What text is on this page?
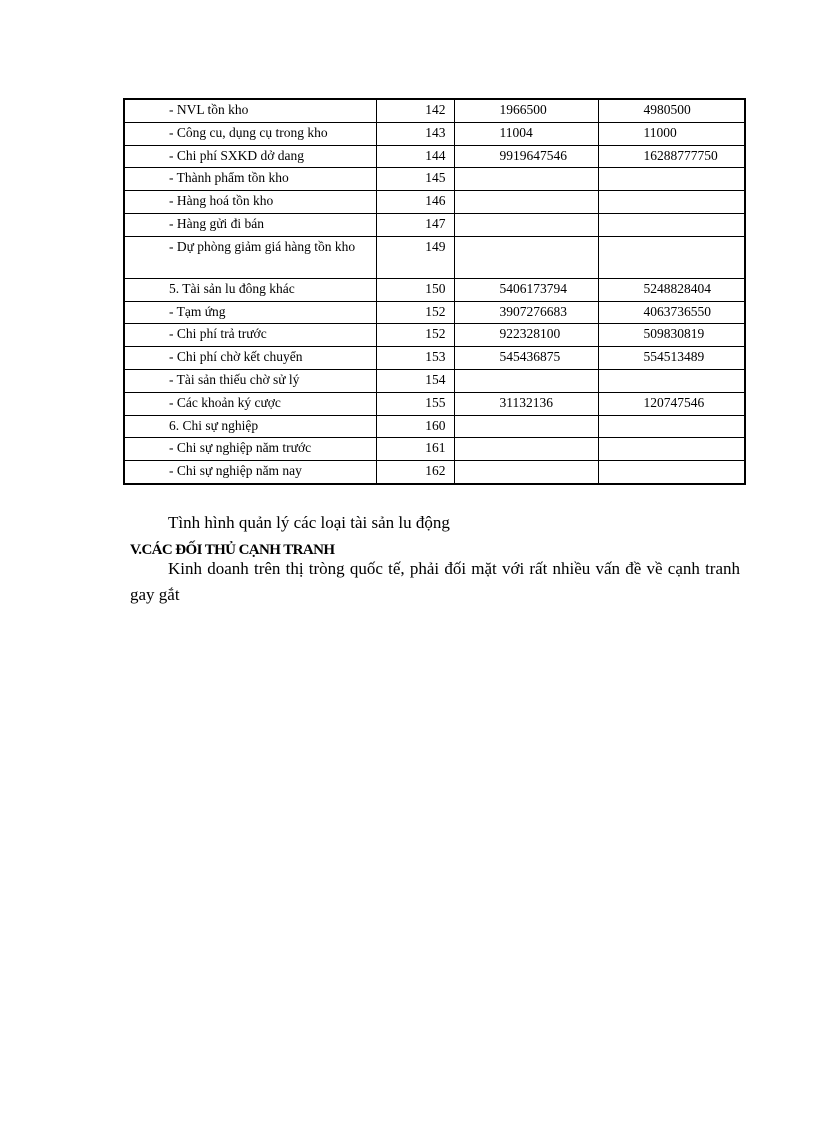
- NVL tồn kho	142	1966500	4980500
- Công cu, dụng cụ trong kho	143	11004	11000
- Chi phí SXKD dở dang	144	9919647546	16288777750
- Thành phẩm tồn kho	145		
- Hàng hoá tồn kho	146		
- Hàng gửi đi bán	147		
- Dự phòng giảm giá hàng tồn kho	149		
5. Tài sản lu đông khác	150	5406173794	5248828404
- Tạm ứng	152	3907276683	4063736550
- Chi phí trả trước	152	922328100	509830819
- Chi phí chờ kết chuyển	153	545436875	554513489
- Tài sản thiếu chờ sử lý	154		
- Các khoản ký cược	155	31132136	120747546
6. Chi sự nghiệp	160		
- Chi sự nghiệp năm trước	161		
- Chi sự nghiệp năm nay	162		
Tình hình quản lý các loại tài sản lu động
V.CÁC ĐỐI THỦ CẠNH TRANH
Kinh doanh trên thị tròng quốc tế, phải đối mặt với rất nhiều vấn đề về cạnh tranh gay gắt
